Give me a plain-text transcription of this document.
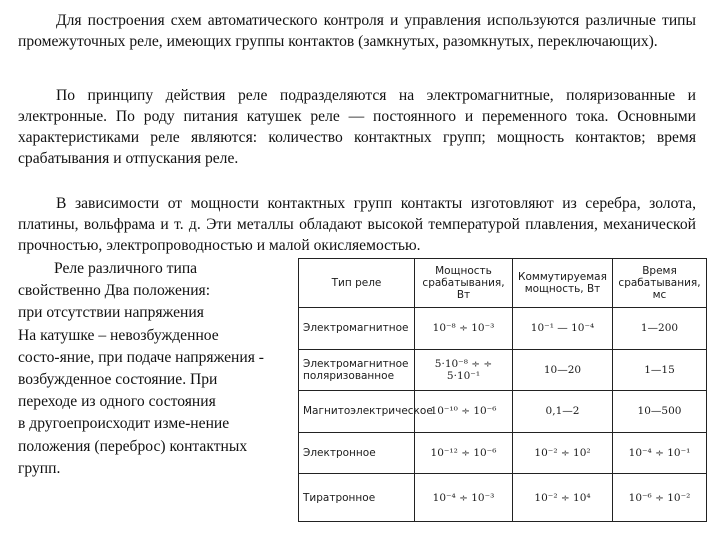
Для построения схем автоматического контроля и управления используются различные типы промежуточных реле, имеющих группы контактов (замкнутых, разомкнутых, переключающих).
По принципу действия реле подразделяются на электромагнитные, поляризованные и электронные. По роду питания катушек реле — постоянного и переменного тока. Основными характеристиками реле являются: количество контактных групп; мощность контактов; время срабатывания и отпускания реле.
В зависимости от мощности контактных групп контакты изготовляют из серебра, золота, платины, вольфрама и т. д. Эти металлы обладают высокой температурой плавления, механической прочностью, электропроводностью и малой окисляемостью.
Реле различного типа
свойственно Два положения:
при отсутствии напряжения
На катушке – невозбужденное
состо-яние, при подаче напряжения -
возбужденное состояние. При
переходе из одного состояния
в другоепроисходит изме-нение
положения (переброс) контактных
групп.
Тип реле	Мощность срабатывания, Вт	Коммутируемая мощность, Вт	Время срабатывания, мс
Электромагнитное	10⁻⁸ ÷ 10⁻³	10⁻¹ — 10⁻⁴	1—200
Электромагнитное поляризованное	5·10⁻⁸ ÷ ÷ 5·10⁻¹	10—20	1—15
Магнитоэлектрическое	10⁻¹⁰ ÷ 10⁻⁶	0,1—2	10—500
Электронное	10⁻¹² ÷ 10⁻⁶	10⁻² ÷ 10²	10⁻⁴ ÷ 10⁻¹
Тиратронное	10⁻⁴ ÷ 10⁻³	10⁻² ÷ 10⁴	10⁻⁶ ÷ 10⁻²
